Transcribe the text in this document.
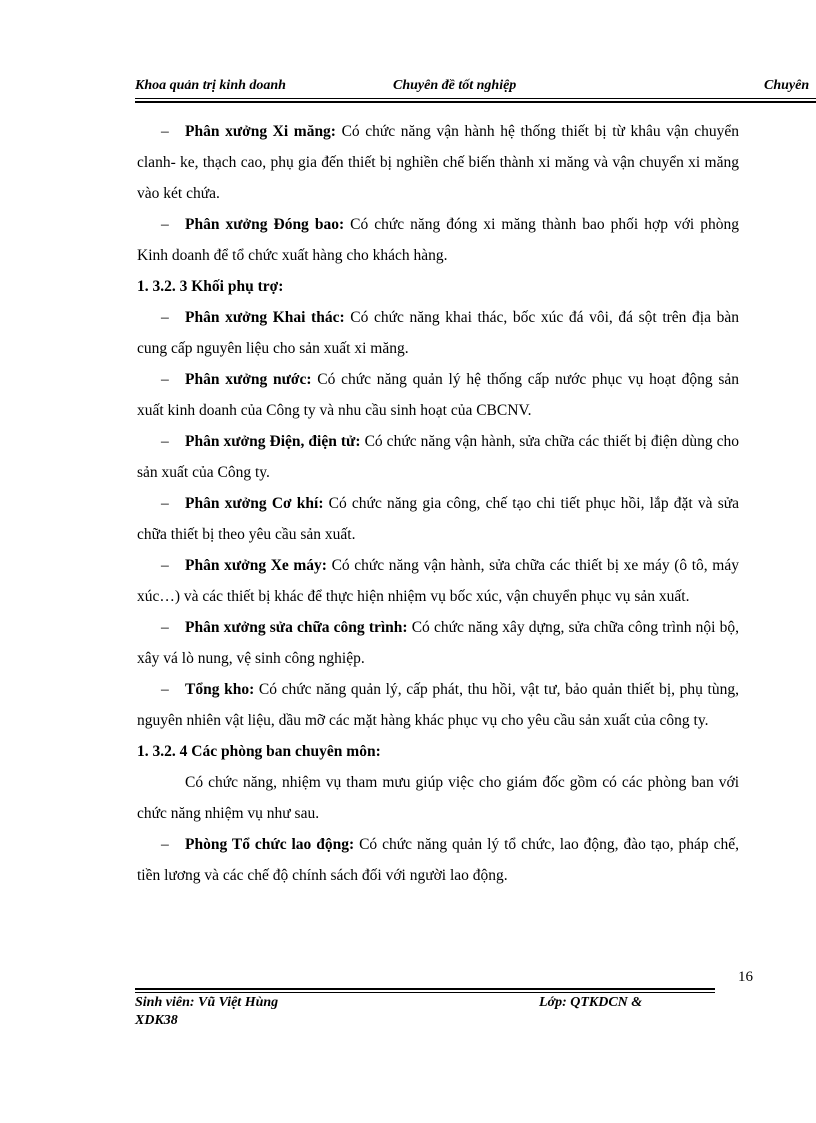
Khoa quản trị kinh doanh	Chuyên đề tốt nghiệp	Chuyên

– Phân xưởng Xi măng: Có chức năng vận hành hệ thống thiết bị từ khâu vận chuyển clanh- ke, thạch cao, phụ gia đến thiết bị nghiền chế biến thành xi măng và vận chuyển xi măng vào két chứa.

– Phân xưởng Đóng bao: Có chức năng đóng xi măng thành bao phối hợp với phòng Kinh doanh để tổ chức xuất hàng cho khách hàng.

1. 3.2. 3 Khối phụ trợ:

– Phân xưởng Khai thác: Có chức năng khai thác, bốc xúc đá vôi, đá sột trên địa bàn cung cấp nguyên liệu cho sản xuất xi măng.

– Phân xưởng nước: Có chức năng quản lý hệ thống cấp nước phục vụ hoạt động sản xuất kinh doanh của Công ty và nhu cầu sinh hoạt của CBCNV.

– Phân xưởng Điện, điện tử: Có chức năng vận hành, sửa chữa các thiết bị điện dùng cho sản xuất của Công ty.

– Phân xưởng Cơ khí: Có chức năng gia công, chế tạo chi tiết phục hồi, lắp đặt và sửa chữa thiết bị theo yêu cầu sản xuất.

– Phân xưởng Xe máy: Có chức năng vận hành, sửa chữa các thiết bị xe máy (ô tô, máy xúc…) và các thiết bị khác để thực hiện nhiệm vụ bốc xúc, vận chuyển phục vụ sản xuất.

– Phân xưởng sửa chữa công trình: Có chức năng xây dựng, sửa chữa công trình nội bộ, xây vá lò nung, vệ sinh công nghiệp.

– Tổng kho: Có chức năng quản lý, cấp phát, thu hồi, vật tư, bảo quản thiết bị, phụ tùng, nguyên nhiên vật liệu, dầu mỡ các mặt hàng khác phục vụ cho yêu cầu sản xuất của công ty.

1. 3.2. 4 Các phòng ban chuyên môn:

Có chức năng, nhiệm vụ tham mưu giúp việc cho giám đốc gồm có các phòng ban với chức năng nhiệm vụ như sau.

– Phòng Tổ chức lao động: Có chức năng quản lý tổ chức, lao động, đào tạo, pháp chế, tiền lương và các chế độ chính sách đối với người lao động.

16
Sinh viên: Vũ Việt Hùng	Lớp: QTKDCN &
XDK38
